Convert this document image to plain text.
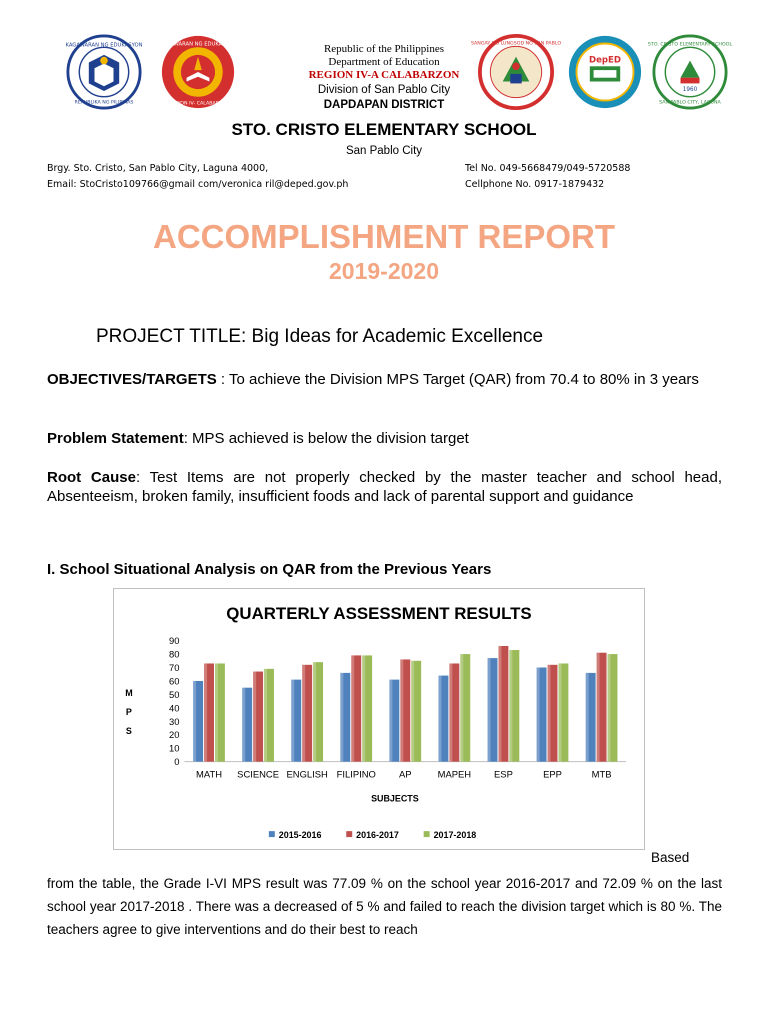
KAGAWARAN NG EDUKASYON
REPUBLIKA NG PILIPINAS
KAGAWARAN NG EDUKASYON
REHIYON IV- CALABARZON
SANGAY NG LUNGSOD NG SAN PABLO
DepED
1960
STO. CRISTO ELEMENTARY SCHOOL
SAN PABLO CITY, LAGUNA
Republic of the Philippines
Department of Education
REGION IV-A CALABARZON
Division of San Pablo City
DAPDAPAN DISTRICT
STO. CRISTO ELEMENTARY SCHOOL
San Pablo City
Brgy. Sto. Cristo, San Pablo City, Laguna 4000,	Tel No. 049-5668479/049-5720588
Email: StoCristo109766@gmail com/veronica ril@deped.gov.ph	Cellphone No. 0917-1879432
ACCOMPLISHMENT REPORT
2019-2020
PROJECT TITLE: Big Ideas for Academic Excellence
OBJECTIVES/TARGETS : To achieve the Division MPS Target (QAR) from 70.4 to 80% in 3 years
Problem Statement: MPS achieved is below the division target
Root Cause: Test Items are not properly checked by the master teacher and school head, Absenteeism, broken family, insufficient foods and lack of parental support and guidance
I. School Situational Analysis on QAR from the Previous Years
QUARTERLY ASSESSMENT RESULTS
0
10
20
30
40
50
60
70
80
90
M
P
S
MATH SCIENCE ENGLISH FILIPINO AP	MAPEH ESP	EPP	MTB
SUBJECTS
2015-2016	2016-2017	2017-2018
Based
from the table, the Grade I-VI MPS result was 77.09 % on the school year 2016-2017 and 72.09 % on the last school year 2017-2018 . There was a decreased of 5 % and failed to reach the division target which is 80 %. The teachers agree to give interventions and do their best to reach
